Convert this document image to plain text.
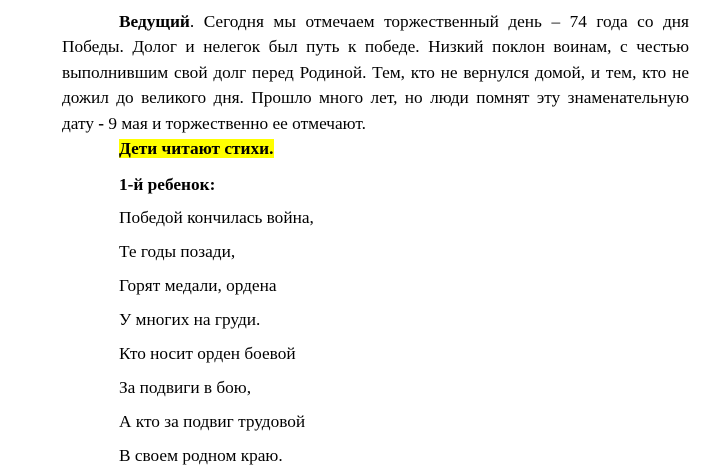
Ведущий. Сегодня мы отмечаем торжественный день – 74 года со дня Победы. Долог и нелегок был путь к победе. Низкий поклон воинам, с честью выполнившим свой долг перед Родиной. Тем, кто не вернулся домой, и тем, кто не дожил до великого дня. Прошло много лет, но люди помнят эту знаменательную дату - 9 мая и торжественно ее отмечают.

Дети читают стихи.

1-й ребенок:

Победой кончилась война,

Те годы позади,

Горят медали, ордена

У многих на груди.

Кто носит орден боевой

За подвиги в бою,

А кто за подвиг трудовой

В своем родном краю.
